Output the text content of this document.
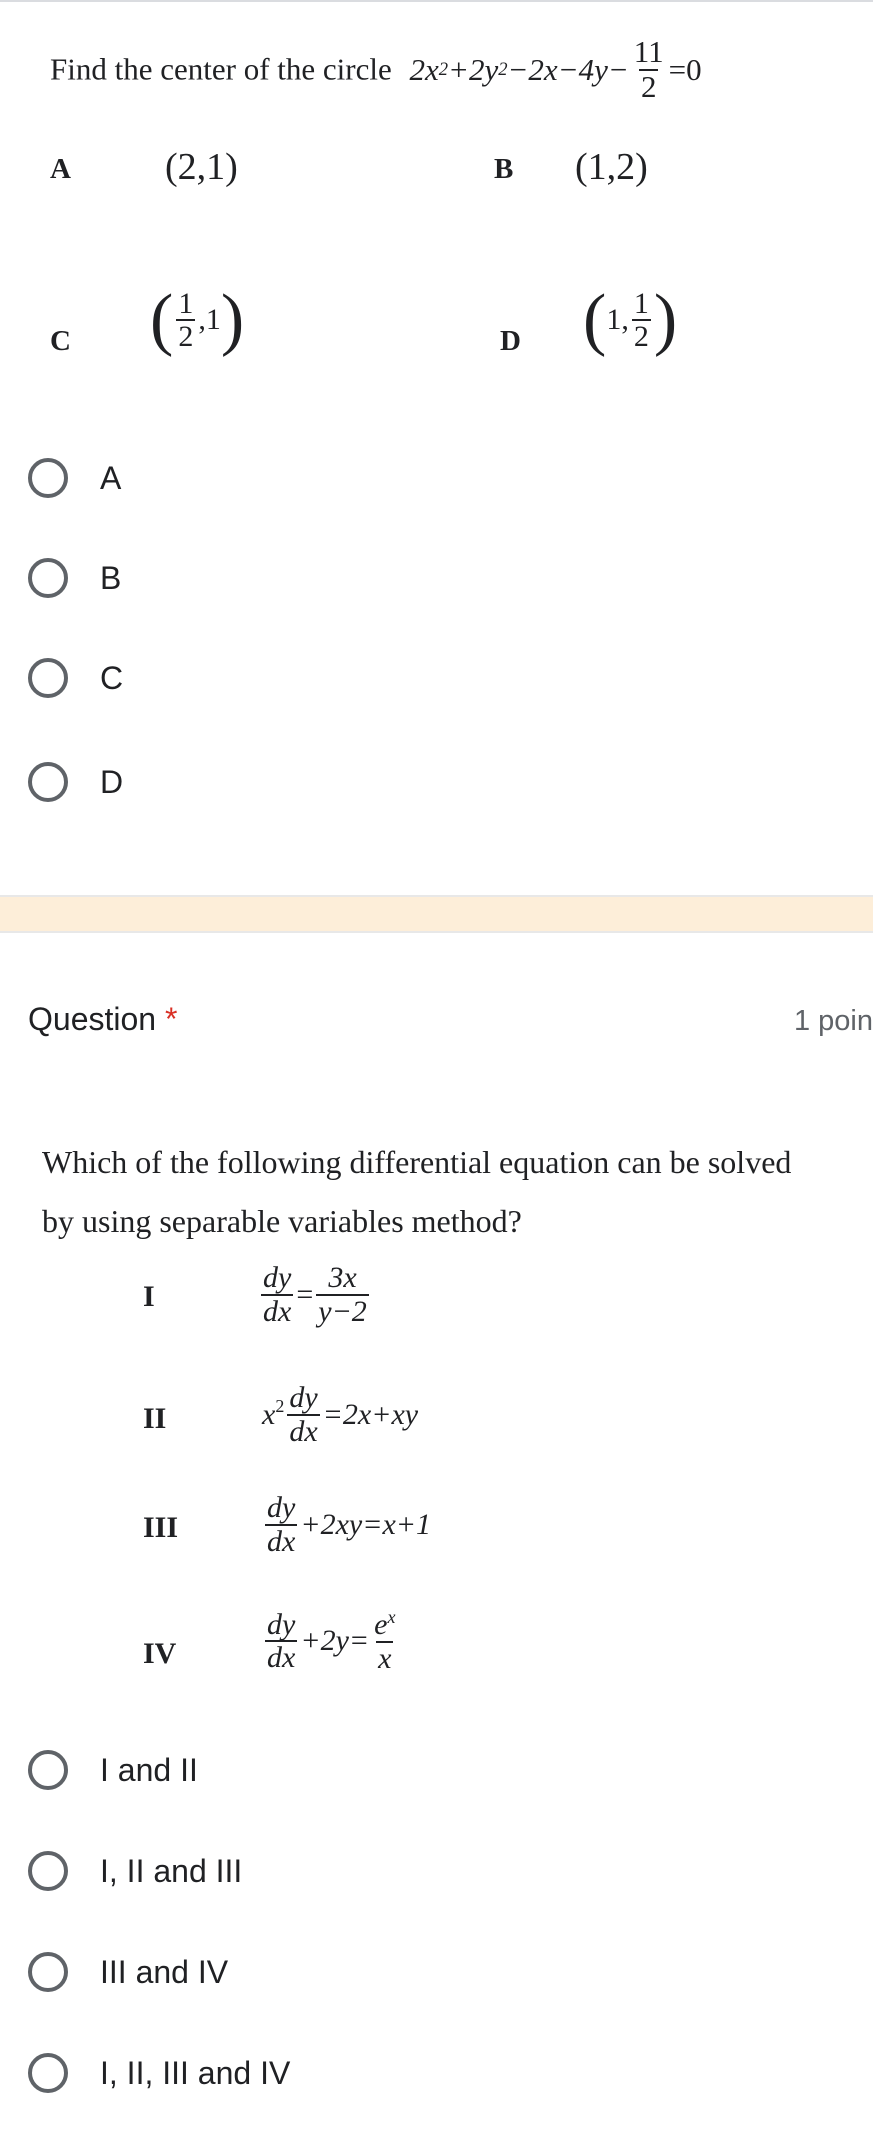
Find the center of the circle 2x 2 +2y $2 -2x-4y- \frac{11}{2} =0$
A (2,1)	B (1,2)
C ( $\frac{1}{2} ,1$ )	D ( 1, $\frac{1}{2}$ )
A
B
C
D
Question *	1 poin
Which of the following differential equation can be solved
by using separable variables method?
I	$\frac{dy}{dx} = \frac{3x}{y-2}$
II	$x^2 \frac{dy}{dx} =2x+xy$
III	$\frac{dy}{dx} +2xy=x+1$
IV	$\frac{dy}{dx} +2y= \frac{e^x}{x}$
I and II
I, II and III
III and IV
I, II, III and IV
